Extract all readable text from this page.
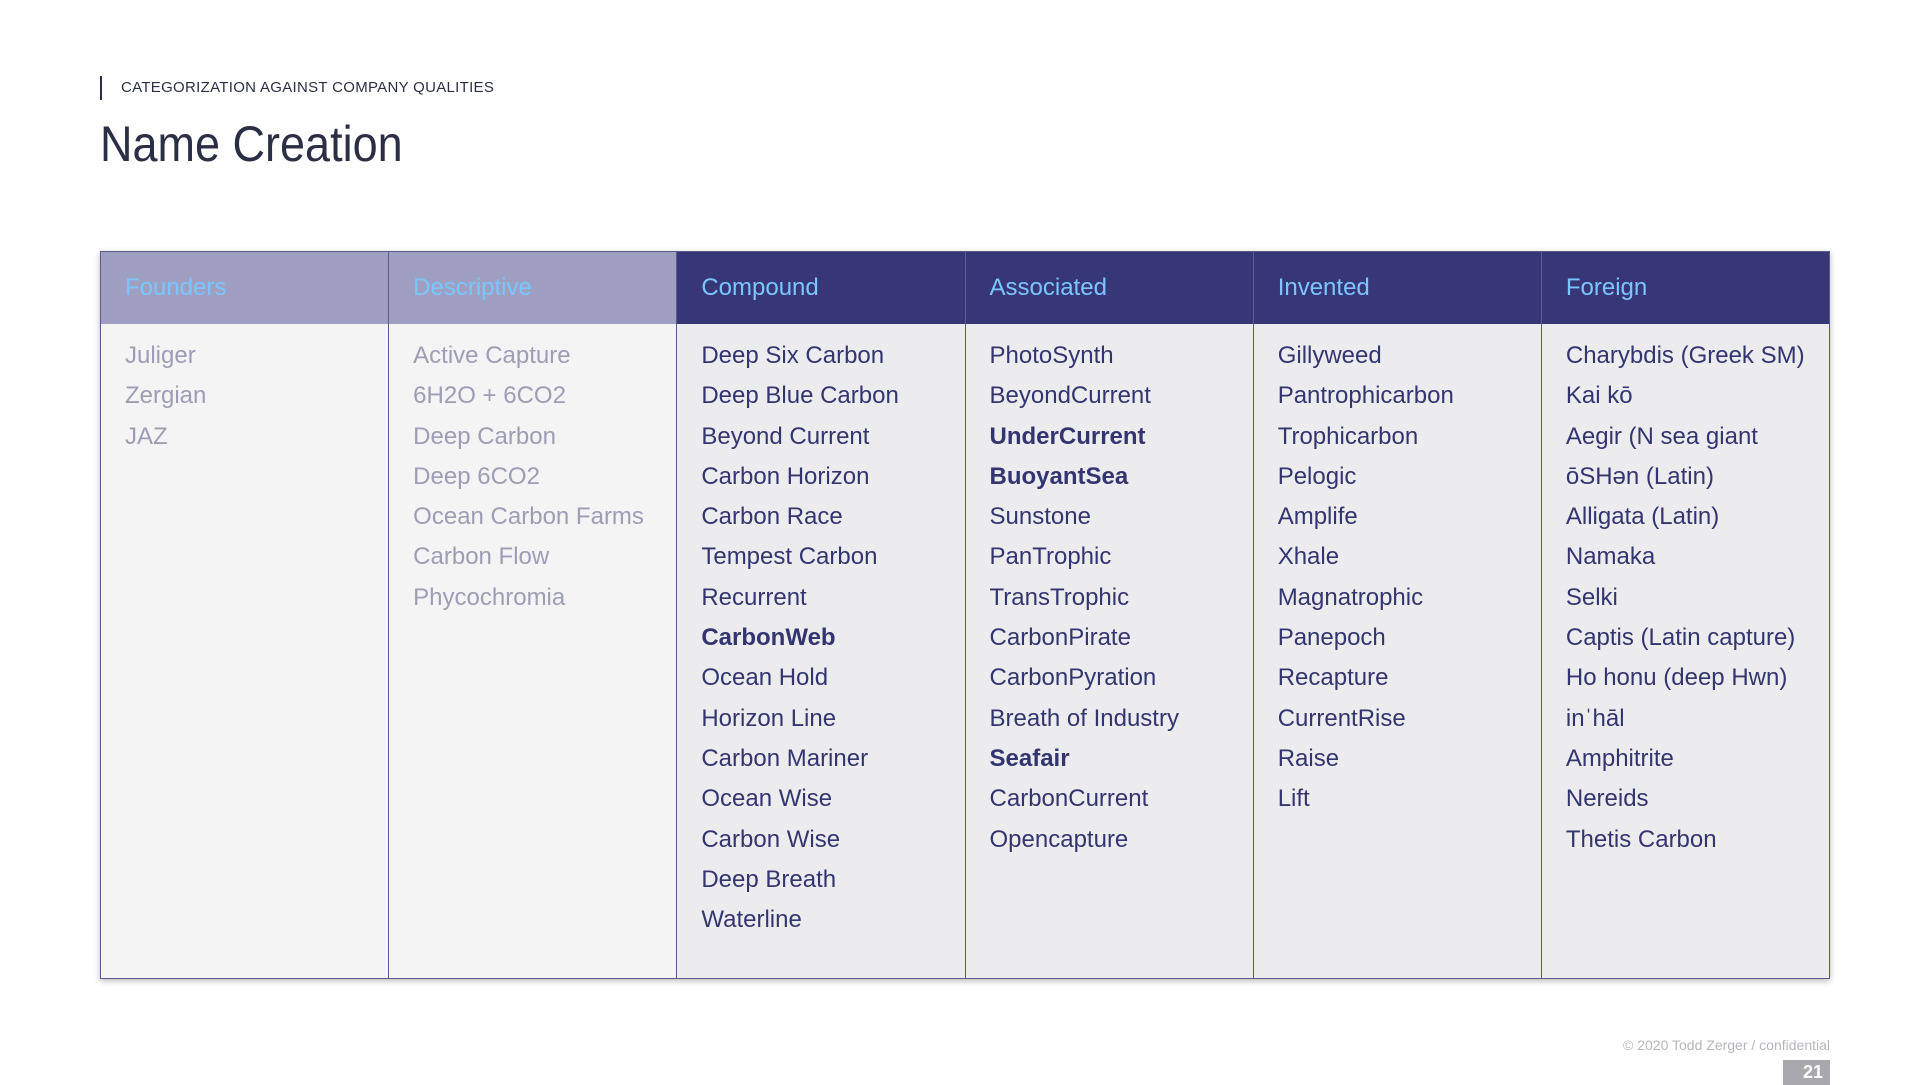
CATEGORIZATION AGAINST COMPANY QUALITIES
Name Creation
Founders
Juliger
Zergian
JAZ
Descriptive
Active Capture
6H2O + 6CO2
Deep Carbon
Deep 6CO2
Ocean Carbon Farms
Carbon Flow
Phycochromia
Compound
Deep Six Carbon
Deep Blue Carbon
Beyond Current
Carbon Horizon
Carbon Race
Tempest Carbon
Recurrent
CarbonWeb
Ocean Hold
Horizon Line
Carbon Mariner
Ocean Wise
Carbon Wise
Deep Breath
Waterline
Associated
PhotoSynth
BeyondCurrent
UnderCurrent
BuoyantSea
Sunstone
PanTrophic
TransTrophic
CarbonPirate
CarbonPyration
Breath of Industry
Seafair
CarbonCurrent
Opencapture
Invented
Gillyweed
Pantrophicarbon
Trophicarbon
Pelogic
Amplife
Xhale
Magnatrophic
Panepoch
Recapture
CurrentRise
Raise
Lift
Foreign
Charybdis (Greek SM)
Kai kō
Aegir (N sea giant
ōSHən (Latin)
Alligata (Latin)
Namaka
Selki
Captis (Latin capture)
Ho honu (deep Hwn)
inˈhāl
Amphitrite
Nereids
Thetis Carbon
© 2020 Todd Zerger / confidential
21
